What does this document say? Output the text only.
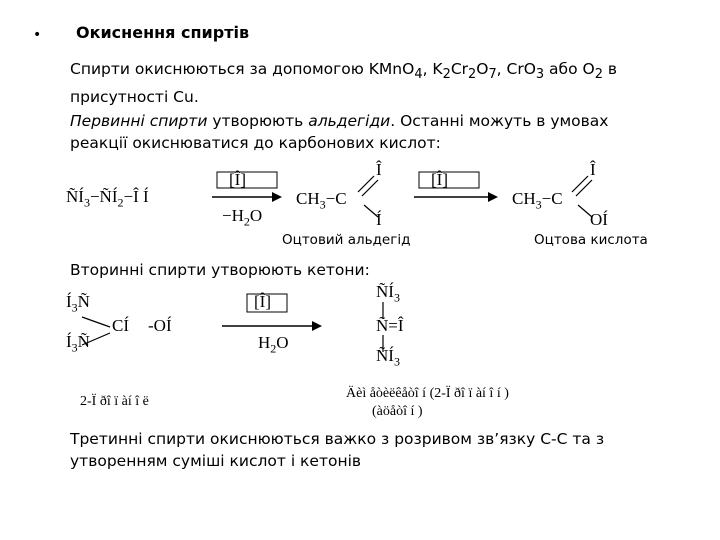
• Окиснення спиртів
Спирти окиснюються за допомогою KMnO$_4$, $K_2Cr_2O_7$, CrO$_3$ або $O_2$ в
присутності Cu.
Первинні спирти утворюють альдегіди. Останні можуть в умовах
реакції окиснюватися до карбонових кислот:
$ÑÍ_3-ÑÍ_2-Î$ Í
[Î]
$-H_2O$
$CH_3-C$
Î
Í
[Î]
$CH_3-C$
Î
OÍ
Оцтовий альдегід	Оцтова кислота
Вторинні спирти утворюють кетони:
$Í_3Ñ$
$Í_3Ñ$
CÍ -OÍ
[Î]
$H_2O$
$ÑÍ_3$
Ñ=Î
$ÑÍ_3$
2-Ï ðî ï àí î ë
Äèì åòèëêåòî í (2-Ï ðî ï àí î í )
(àöåòî í )
Третинні спирти окиснюються важко з розривом зв’язку С-С та з
утворенням суміші кислот і кетонів
